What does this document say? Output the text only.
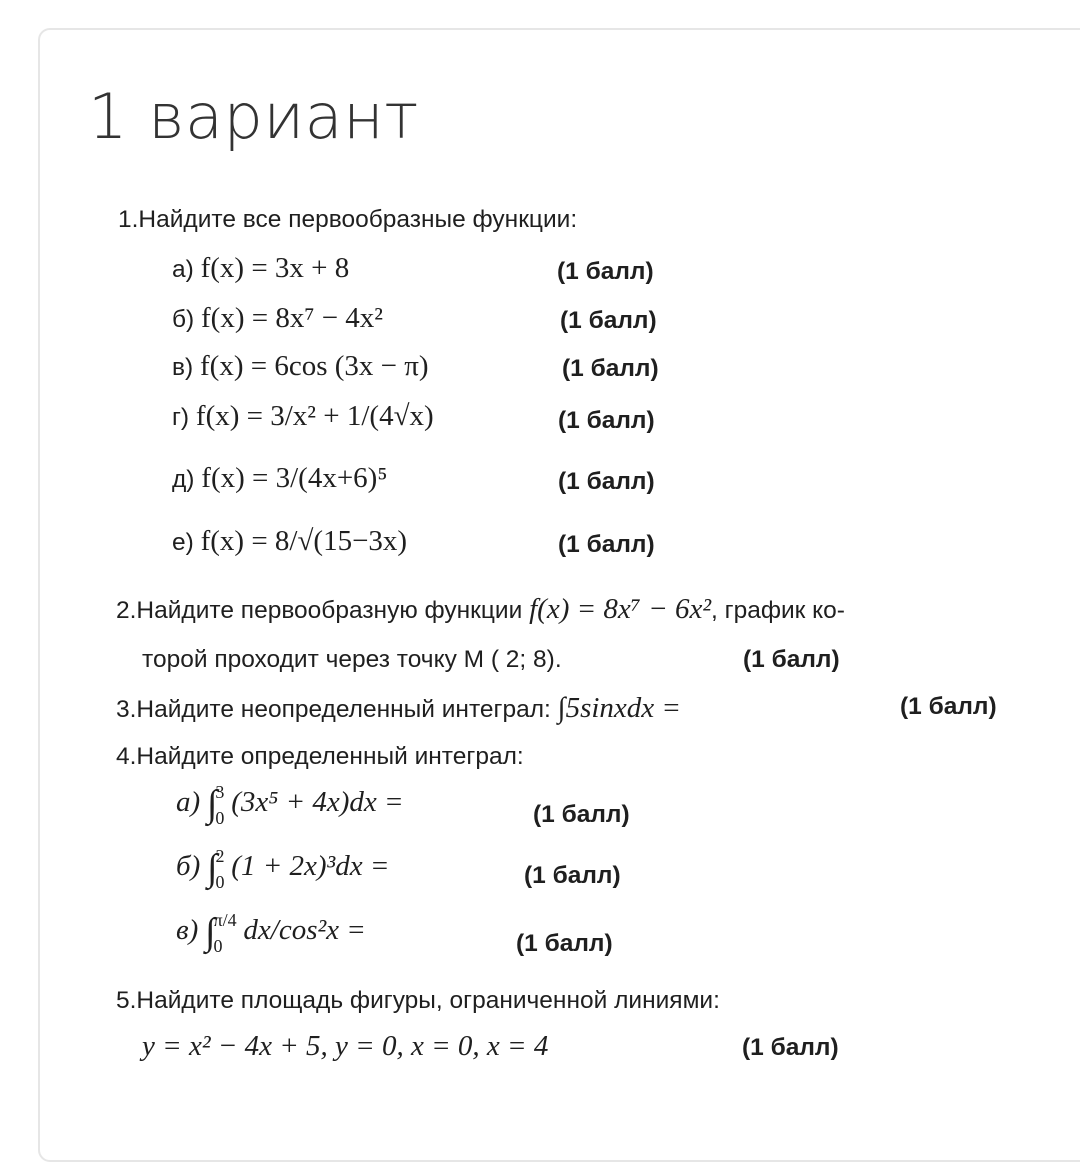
1 вариант
1.Найдите все первообразные функции:
а) f(x) = 3x + 8	(1 балл)
б) f(x) = 8x⁷ − 4x²	(1 балл)
в) f(x) = 6cos (3x − π)	(1 балл)
г) f(x) = 3/x² + 1/(4√x)	(1 балл)
д) f(x) = 3/(4x+6)⁵	(1 балл)
е) f(x) = 8/√(15−3x)	(1 балл)
2.Найдите первообразную функции f(x) = 8x⁷ − 6x², график ко-
торой проходит через точку М ( 2; 8).	(1 балл)
3.Найдите неопределенный интеграл: ∫5sinxdx =	(1 балл)
4.Найдите определенный интеграл:
а) ∫
3
0 (3x⁵ + 4x)dx =	(1 балл)
б) ∫
2
0 (1 + 2x)³dx =	(1 балл)
в) ∫
π/4
0 dx/cos²x =	(1 балл)
5.Найдите площадь фигуры, ограниченной линиями:
y = x² − 4x + 5, y = 0, x = 0, x = 4	(1 балл)
